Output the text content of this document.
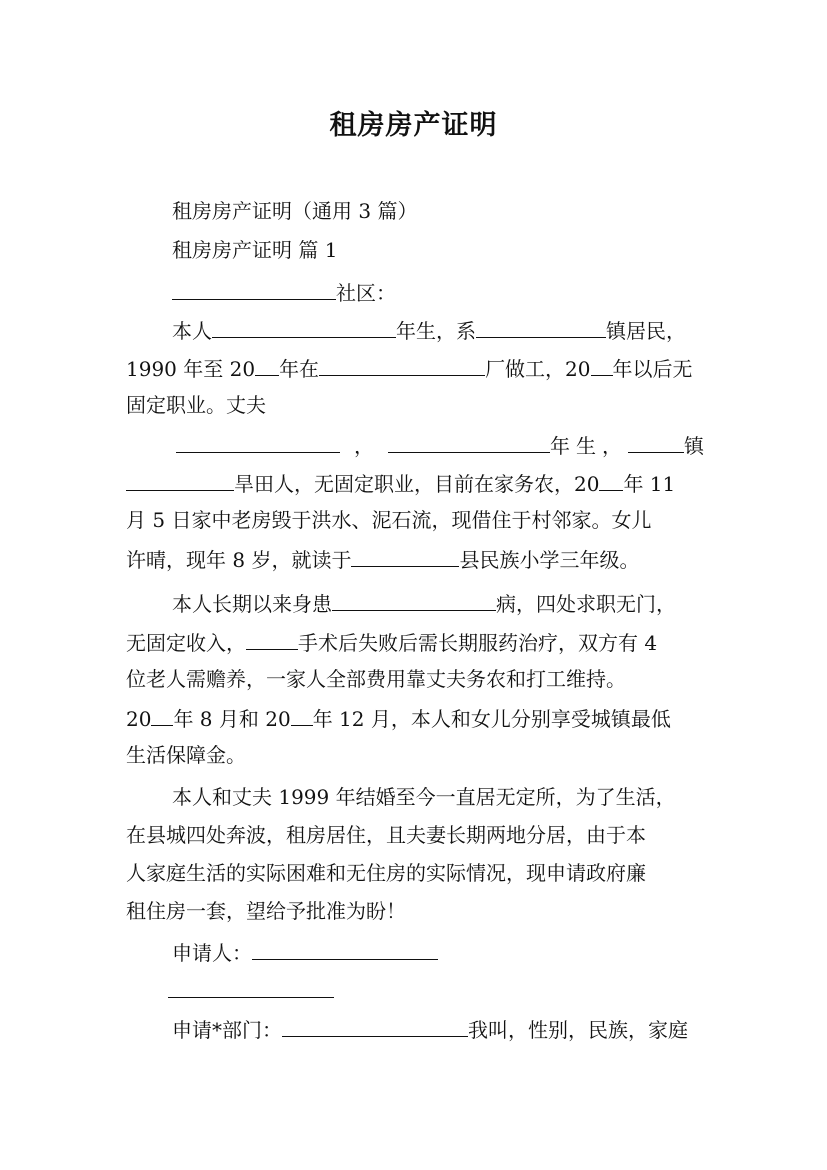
租房房产证明
租房房产证明（通用 3 篇）
租房房产证明 篇 1
社区：
本人	年生，系	镇居民，
1990 年至 20 年在	厂做工，20 年以后无
固定职业。丈夫
，	年生，	镇
旱田人，无固定职业，目前在家务农，20 年 11
月 5 日家中老房毁于洪水、泥石流，现借住于村邻家。女儿
许晴，现年 8 岁，就读于	县民族小学三年级。
本人长期以来身患	病，四处求职无门，
无固定收入，	手术后失败后需长期服药治疗，双方有 4
位老人需赡养，一家人全部费用靠丈夫务农和打工维持。
20 年 8 月和 20 年 12 月，本人和女儿分别享受城镇最低
生活保障金。
本人和丈夫 1999 年结婚至今一直居无定所，为了生活，
在县城四处奔波，租房居住，且夫妻长期两地分居，由于本
人家庭生活的实际困难和无住房的实际情况，现申请政府廉
租住房一套，望给予批准为盼！
申请人：
申请*部门：	我叫，性别，民族，家庭
